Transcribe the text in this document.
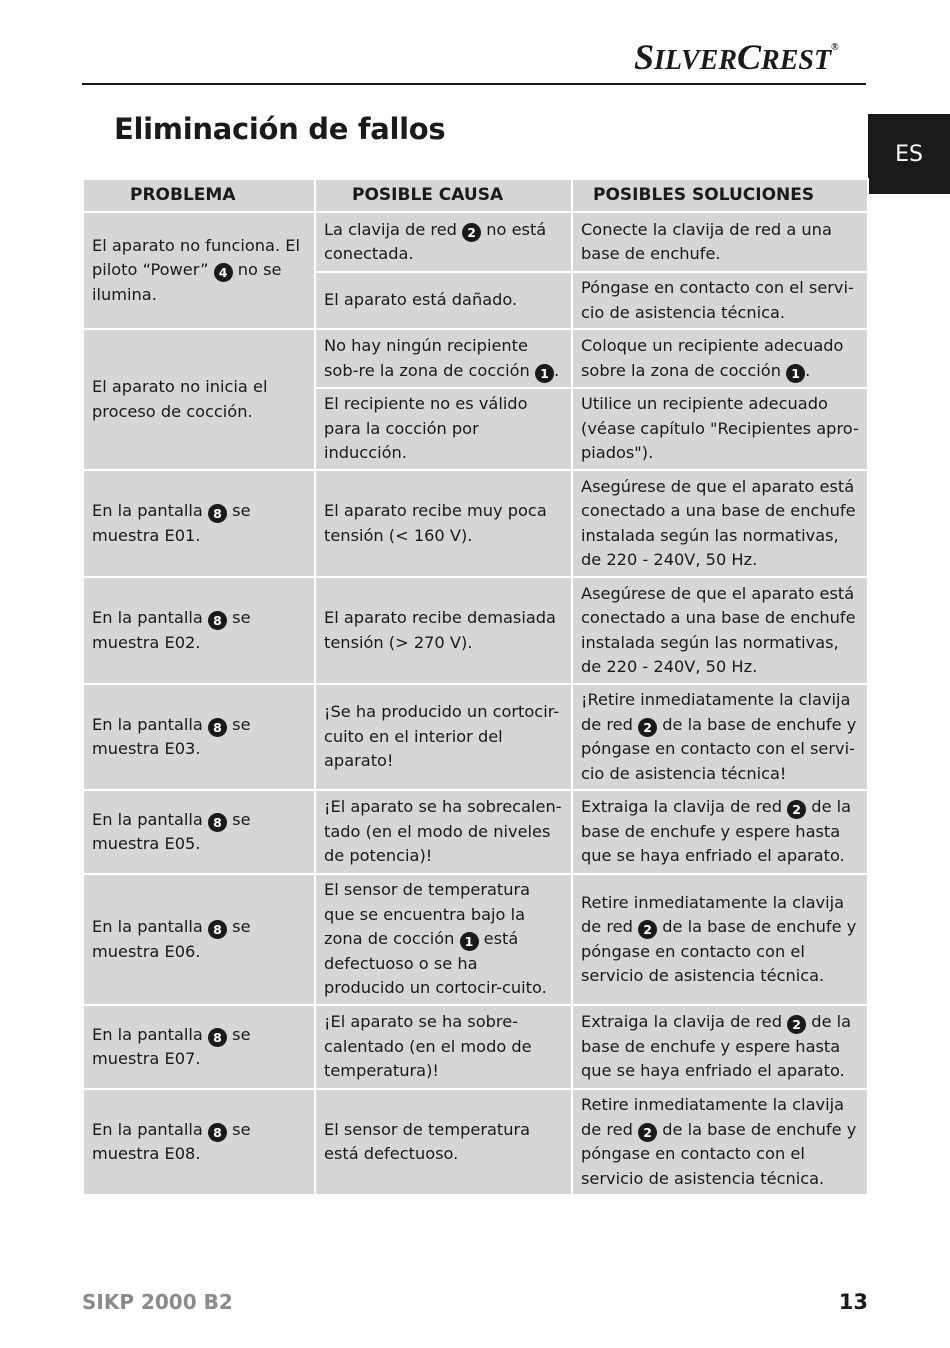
SILVERCREST®
ES
Eliminación de fallos
PROBLEMA	POSIBLE CAUSA	POSIBLES SOLUCIONES

El aparato no funciona. El piloto “Power” 4 no se ilumina.	La clavija de red 2 no está conectada.	Conecte la clavija de red a una base de enchufe.
	El aparato está dañado.	Póngase en contacto con el servi-cio de asistencia técnica.
El aparato no inicia el proceso de cocción.	No hay ningún recipiente sob-re la zona de cocción 1 .	Coloque un recipiente adecuado sobre la zona de cocción 1 .
	El recipiente no es válido para la cocción por inducción.	Utilice un recipiente adecuado (véase capítulo "Recipientes apro-piados").
En la pantalla 8 se muestra E01.	El aparato recibe muy poca tensión (< 160 V).	Asegúrese de que el aparato está conectado a una base de enchufe instalada según las normativas, de 220 - 240V, 50 Hz.
En la pantalla 8 se muestra E02.	El aparato recibe demasiada tensión (> 270 V).	Asegúrese de que el aparato está conectado a una base de enchufe instalada según las normativas, de 220 - 240V, 50 Hz.
En la pantalla 8 se muestra E03.	¡Se ha producido un cortocir-cuito en el interior del aparato!	¡Retire inmediatamente la clavija de red 2 de la base de enchufe y póngase en contacto con el servi-cio de asistencia técnica!
En la pantalla 8 se muestra E05.	¡El aparato se ha sobrecalen-tado (en el modo de niveles de potencia)!	Extraiga la clavija de red 2 de la base de enchufe y espere hasta que se haya enfriado el aparato.
En la pantalla 8 se muestra E06.	El sensor de temperatura que se encuentra bajo la zona de cocción 1 está defectuoso o se ha producido un cortocir-cuito.	Retire inmediatamente la clavija de red 2 de la base de enchufe y póngase en contacto con el servicio de asistencia técnica.
En la pantalla 8 se muestra E07.	¡El aparato se ha sobre-calentado (en el modo de temperatura)!	Extraiga la clavija de red 2 de la base de enchufe y espere hasta que se haya enfriado el aparato.
En la pantalla 8 se muestra E08.	El sensor de temperatura está defectuoso.	Retire inmediatamente la clavija de red 2 de la base de enchufe y póngase en contacto con el servicio de asistencia técnica.
SIKP 2000 B2	13
